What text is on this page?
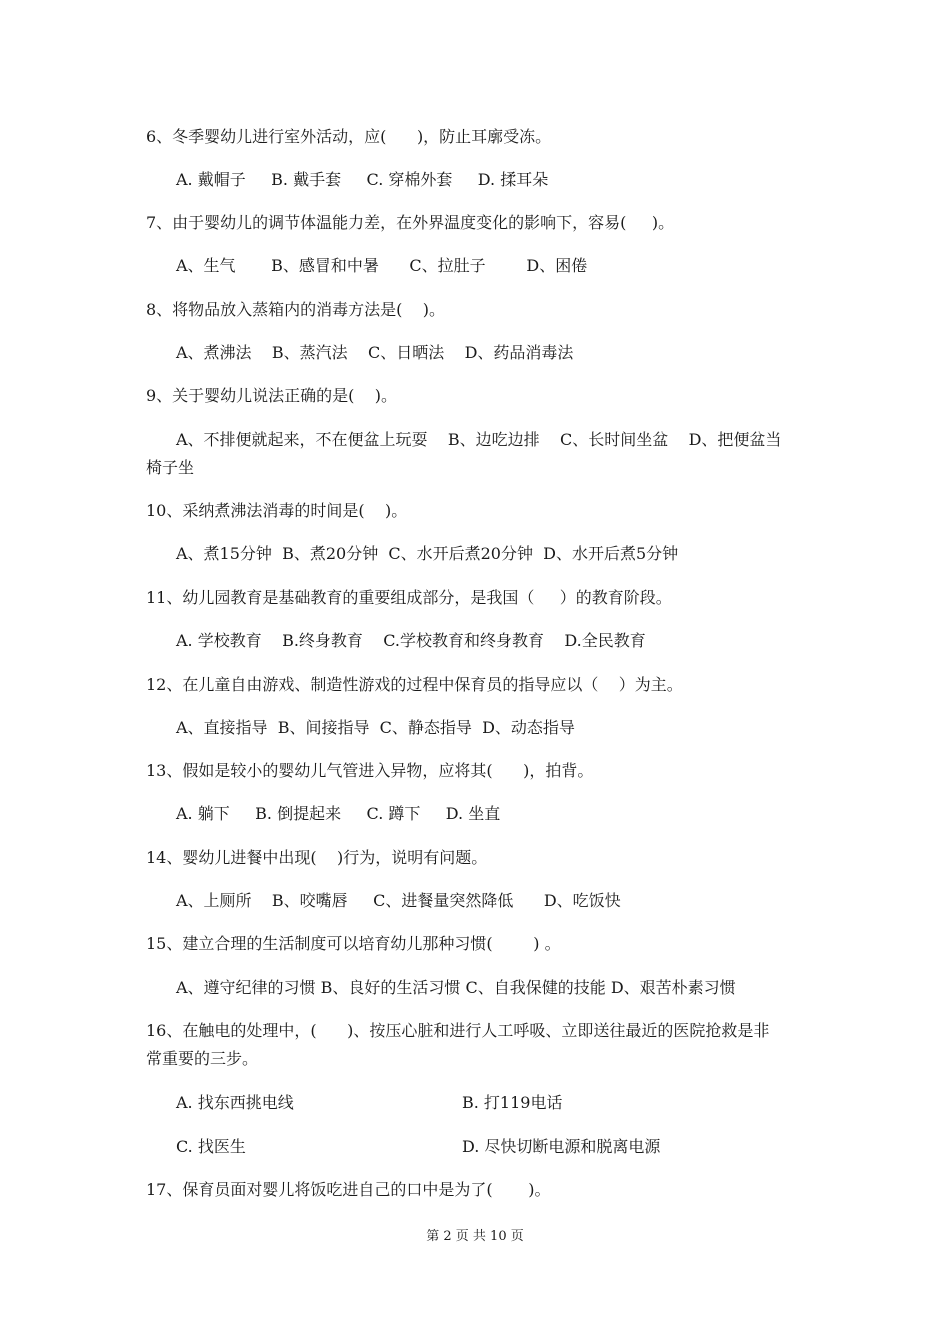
6、冬季婴幼儿进行室外活动，应(      )，防止耳廓受冻。
A. 戴帽子     B. 戴手套     C. 穿棉外套     D. 揉耳朵
7、由于婴幼儿的调节体温能力差，在外界温度变化的影响下，容易(     )。
A、生气       B、感冒和中暑      C、拉肚子        D、困倦
8、将物品放入蒸箱内的消毒方法是(    )。
A、煮沸法    B、蒸汽法    C、日晒法    D、药品消毒法
9、关于婴幼儿说法正确的是(    )。
A、不排便就起来，不在便盆上玩耍    B、边吃边排    C、长时间坐盆    D、把便盆当
椅子坐
10、采纳煮沸法消毒的时间是(    )。
A、煮15分钟  B、煮20分钟  C、水开后煮20分钟  D、水开后煮5分钟
11、幼儿园教育是基础教育的重要组成部分，是我国（     ）的教育阶段。
A. 学校教育    B.终身教育    C.学校教育和终身教育    D.全民教育
12、在儿童自由游戏、制造性游戏的过程中保育员的指导应以（    ）为主。
A、直接指导  B、间接指导  C、静态指导  D、动态指导
13、假如是较小的婴幼儿气管进入异物，应将其(      )，拍背。
A. 躺下     B. 倒提起来     C. 蹲下     D. 坐直
14、婴幼儿进餐中出现(    )行为，说明有问题。
A、上厕所    B、咬嘴唇     C、进餐量突然降低      D、吃饭快
15、建立合理的生活制度可以培育幼儿那种习惯(        ) 。
A、遵守纪律的习惯 B、良好的生活习惯 C、自我保健的技能 D、艰苦朴素习惯
16、在触电的处理中，(      )、按压心脏和进行人工呼吸、立即送往最近的医院抢救是非
常重要的三步。
A. 找东西挑电线	B. 打119电话
C. 找医生	D. 尽快切断电源和脱离电源
17、保育员面对婴儿将饭吃进自己的口中是为了(       )。
第 2 页 共 10 页
